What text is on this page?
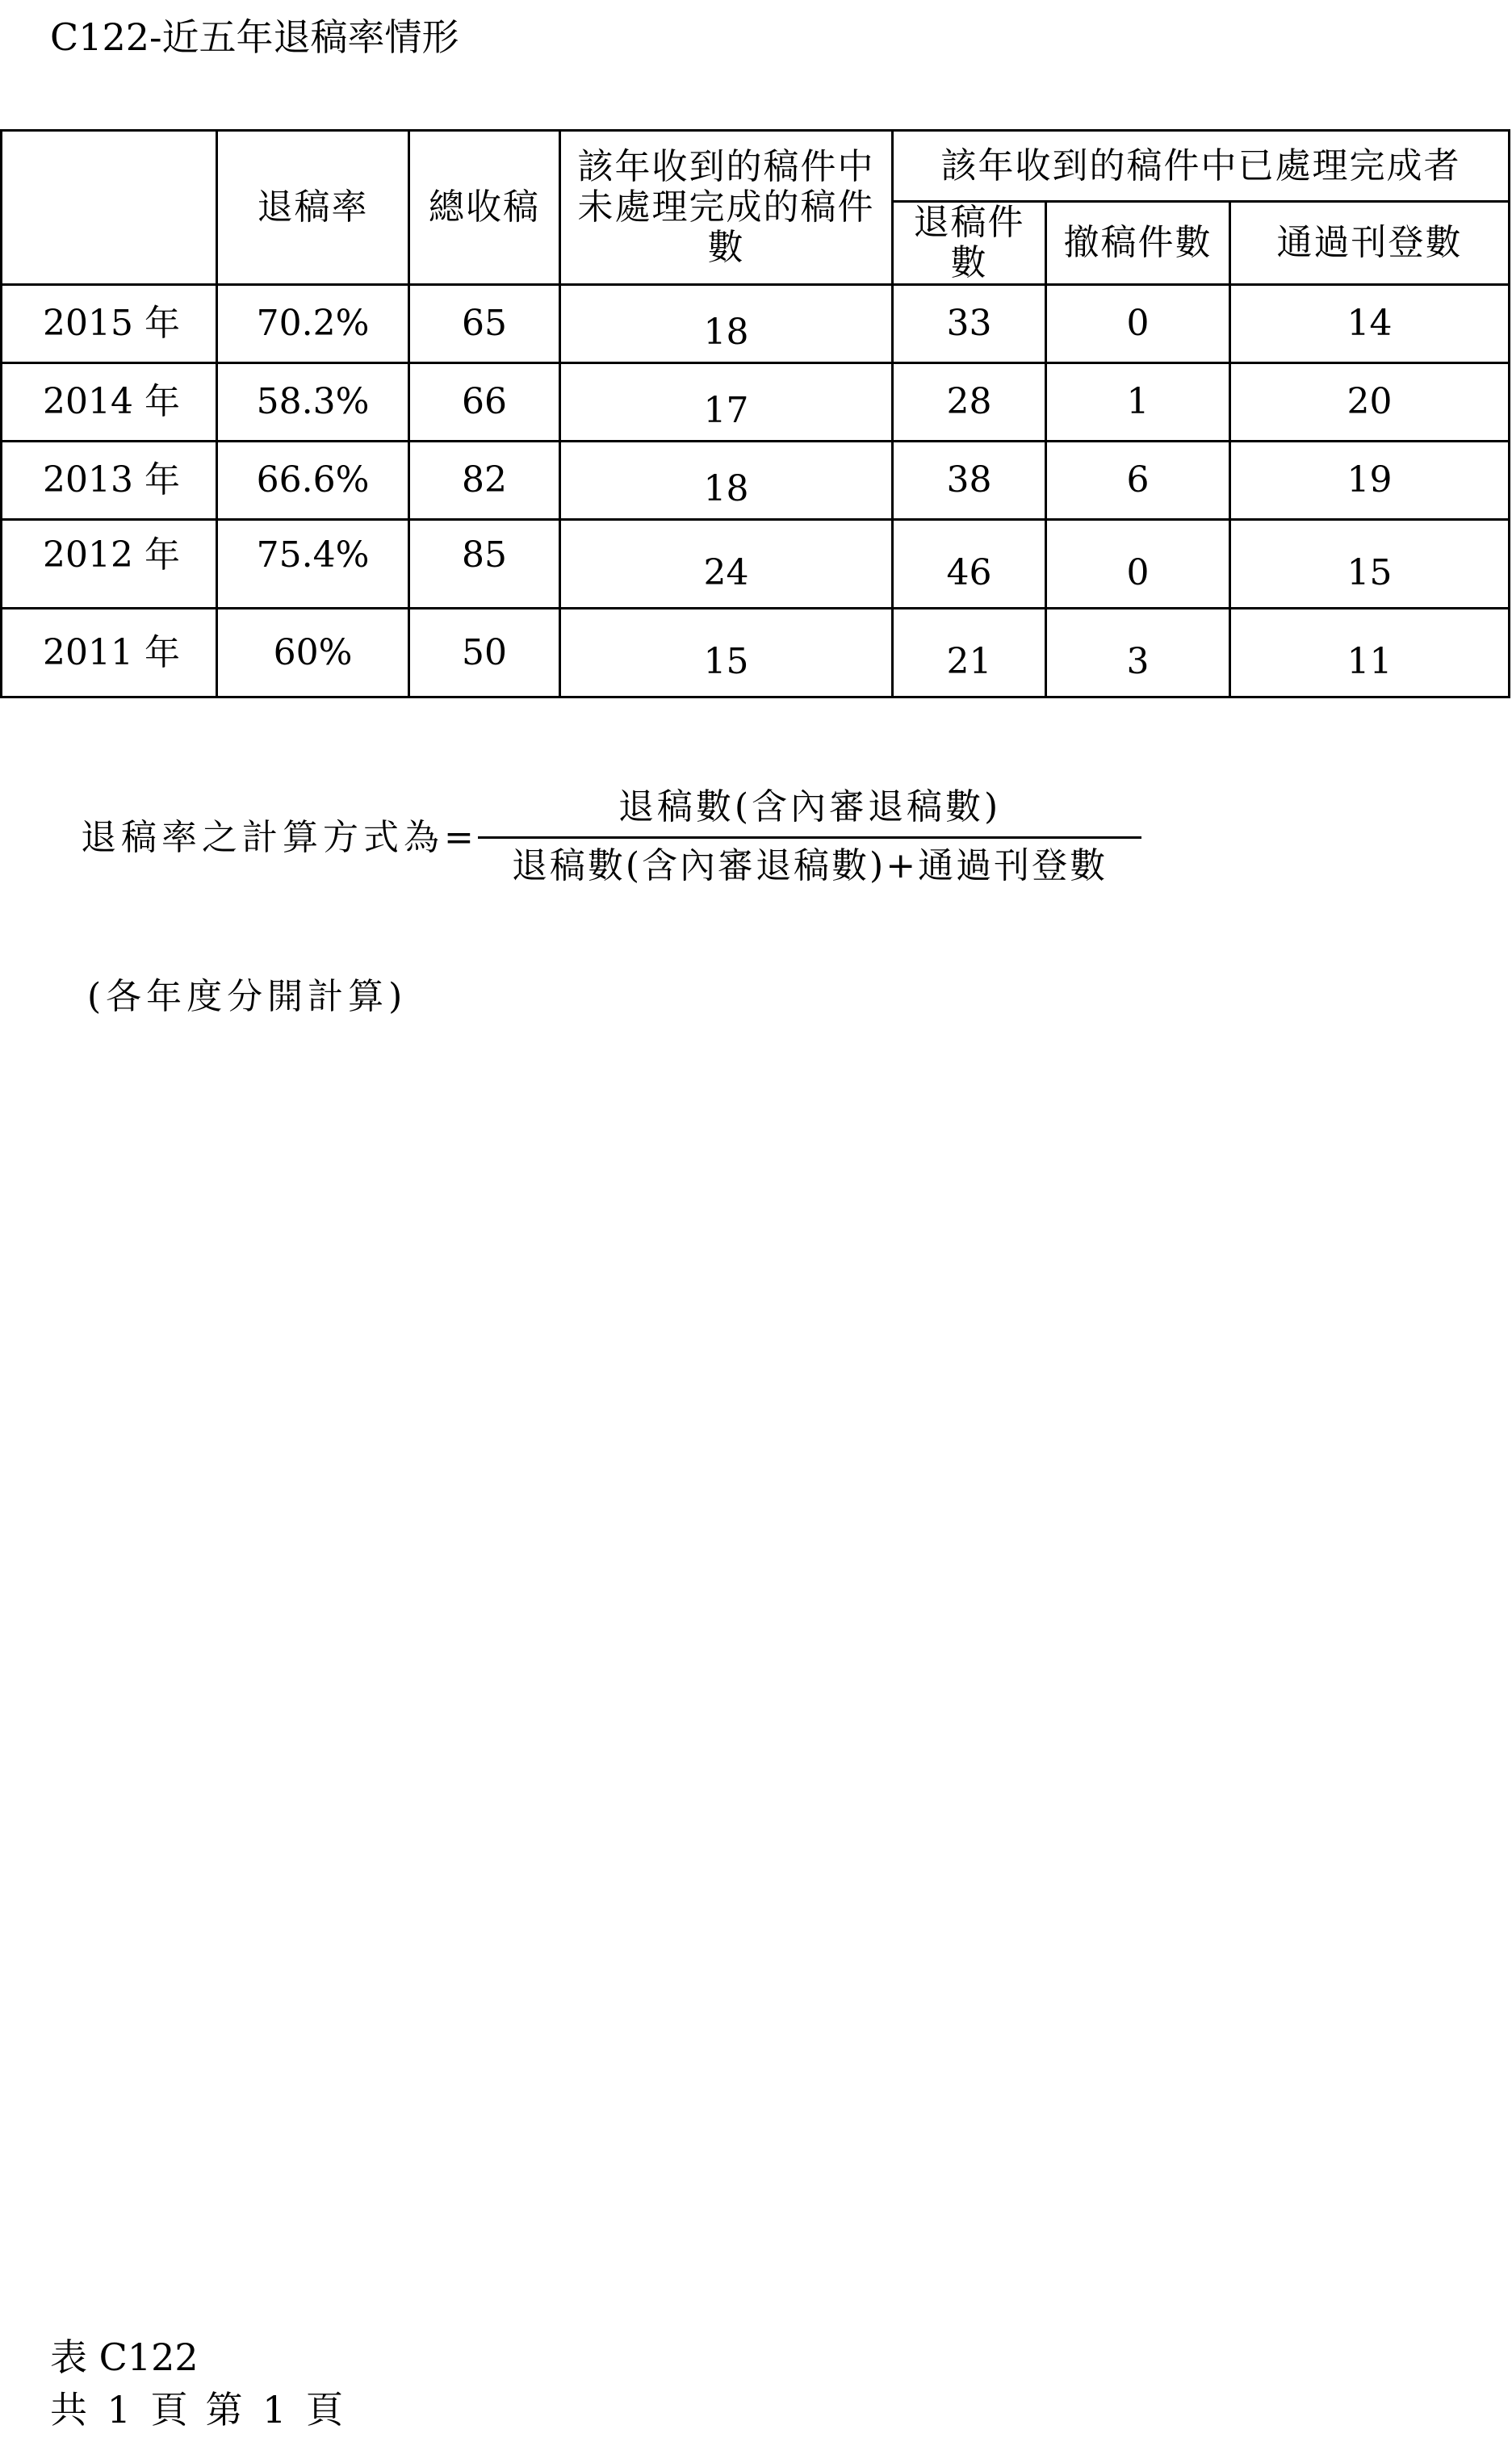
C122-近五年退稿率情形
	退稿率	總收稿	該年收到的稿件中未處理完成的稿件數	該年收到的稿件中已處理完成者		
				退稿件數	撤稿件數	通過刊登數
2015 年	70.2%	65	18	33	0	14
2014 年	58.3%	66	17	28	1	20
2013 年	66.6%	82	18	38	6	19
2012 年	75.4%	85	24	46	0	15
2011 年	60%	50	15	21	3	11
退稿率之計算方式為=
退稿數(含內審退稿數)
退稿數(含內審退稿數)+通過刊登數
(各年度分開計算)
表 C122
共 1 頁 第 1 頁
